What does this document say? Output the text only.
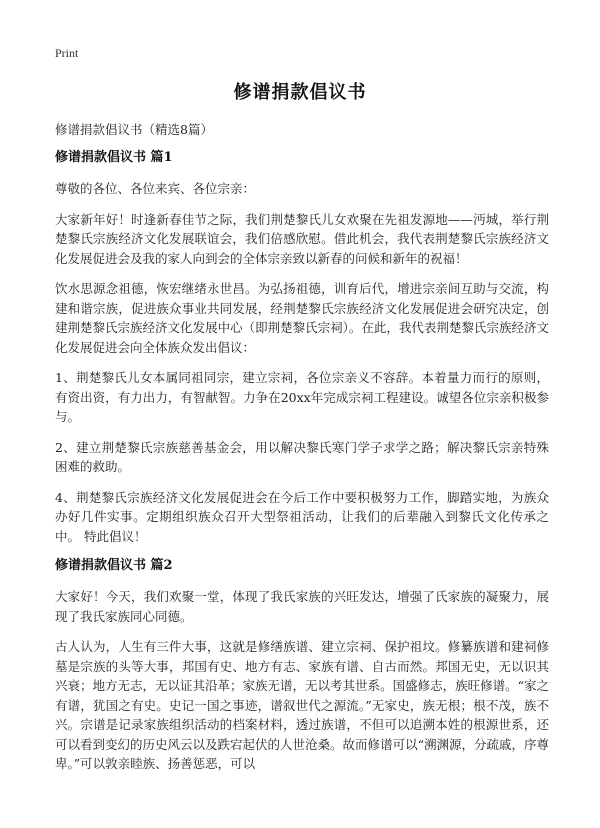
Print
修谱捐款倡议书
修谱捐款倡议书（精选8篇）
修谱捐款倡议书 篇1

尊敬的各位、各位来宾、各位宗亲：

大家新年好！时逢新春佳节之际，我们荆楚黎氏儿女欢聚在先祖发源地——沔城，举行荆楚黎氏宗族经济文化发展联谊会，我们倍感欣慰。借此机会，我代表荆楚黎氏宗族经济文化发展促进会及我的家人向到会的全体宗亲致以新春的问候和新年的祝福！

饮水思源念祖德，恢宏继绪永世昌。为弘扬祖德，训育后代，增进宗亲间互助与交流，构建和谐宗族，促进族众事业共同发展，经荆楚黎氏宗族经济文化发展促进会研究决定，创建荆楚黎氏宗族经济文化发展中心（即荆楚黎氏宗祠）。在此，我代表荆楚黎氏宗族经济文化发展促进会向全体族众发出倡议：

1、荆楚黎氏儿女本属同祖同宗，建立宗祠，各位宗亲义不容辞。本着量力而行的原则，有资出资，有力出力，有智献智。力争在20xx年完成宗祠工程建设。诚望各位宗亲积极参与。

2、建立荆楚黎氏宗族慈善基金会，用以解决黎氏寒门学子求学之路；解决黎氏宗亲特殊困难的救助。

4、荆楚黎氏宗族经济文化发展促进会在今后工作中要积极努力工作，脚踏实地，为族众办好几件实事。定期组织族众召开大型祭祖活动，让我们的后辈融入到黎氏文化传承之中。 特此倡议！

修谱捐款倡议书 篇2

大家好！今天，我们欢聚一堂，体现了我氏家族的兴旺发达，增强了氏家族的凝聚力，展现了我氏家族同心同德。

古人认为，人生有三件大事，这就是修缮族谱、建立宗祠、保护祖坟。修纂族谱和建祠修墓是宗族的头等大事，邦国有史、地方有志、家族有谱、自古而然。邦国无史，无以识其兴衰；地方无志，无以证其沿革；家族无谱，无以考其世系。国盛修志，族旺修谱。“家之有谱，犹国之有史。史记一国之事迹，谱叙世代之源流。”无家史，族无根；根不茂，族不兴。宗谱是记录家族组织活动的档案材料，透过族谱，不但可以追溯本姓的根源世系，还可以看到变幻的历史风云以及跌宕起伏的人世沧桑。故而修谱可以“溯渊源，分疏戚，序尊卑。”可以敦亲睦族、扬善惩恶，可以
